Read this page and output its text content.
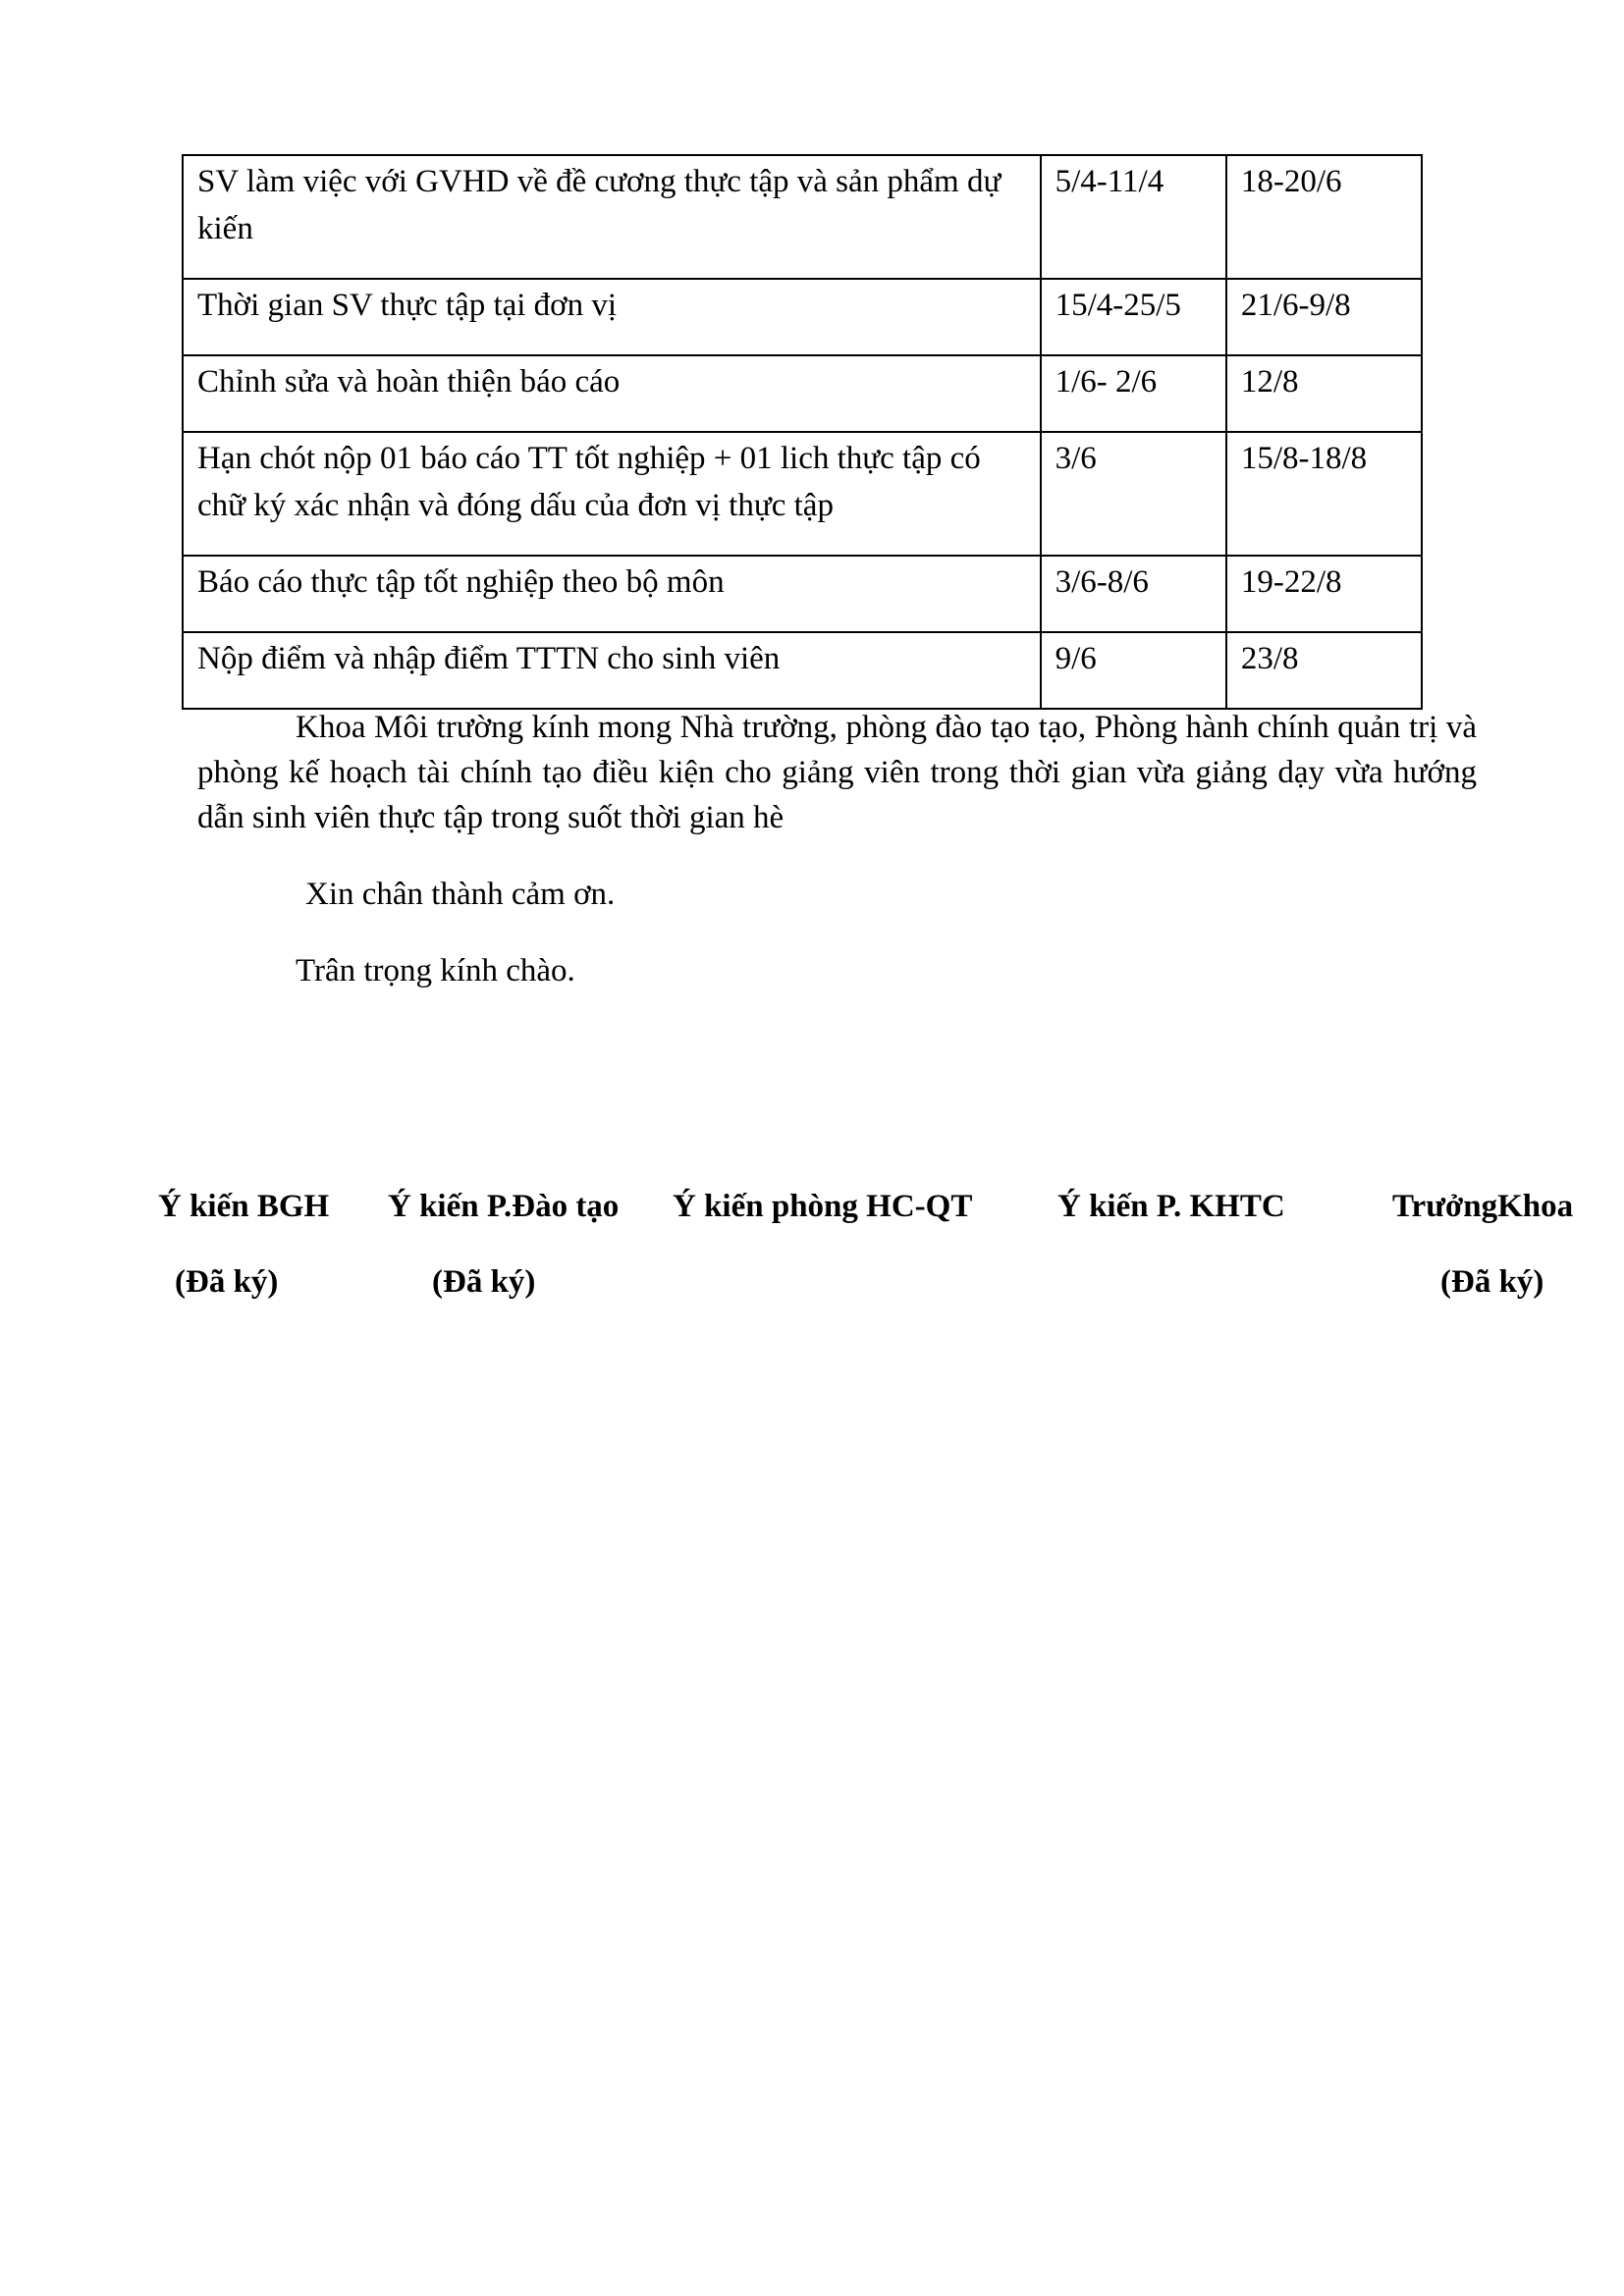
SV làm việc với GVHD về đề cương thực tập và sản phẩm dự kiến	5/4-11/4	18-20/6
Thời gian SV thực tập tại đơn vị	15/4-25/5	21/6-9/8
Chỉnh sửa và hoàn thiện báo cáo	1/6- 2/6	12/8
Hạn chót nộp 01 báo cáo TT tốt nghiệp + 01 lich thực tập có chữ ký xác nhận và đóng dấu của đơn vị thực tập	3/6	15/8-18/8
Báo cáo thực tập tốt nghiệp theo bộ môn	3/6-8/6	19-22/8
Nộp điểm và nhập điểm TTTN cho sinh viên	9/6	23/8

Khoa Môi trường kính mong Nhà trường, phòng đào tạo tạo, Phòng hành chính quản trị và phòng kế hoạch tài chính tạo điều kiện cho giảng viên trong thời gian vừa giảng dạy vừa hướng dẫn sinh viên thực tập trong suốt thời gian hè

Xin chân thành cảm ơn.

Trân trọng kính chào.

Ý kiến BGH

(Đã ký)

Ý kiến P.Đào tạo

(Đã ký)

Ý kiến phòng HC-QT	Ý kiến P. KHTC	TrưởngKhoa

(Đã ký)
